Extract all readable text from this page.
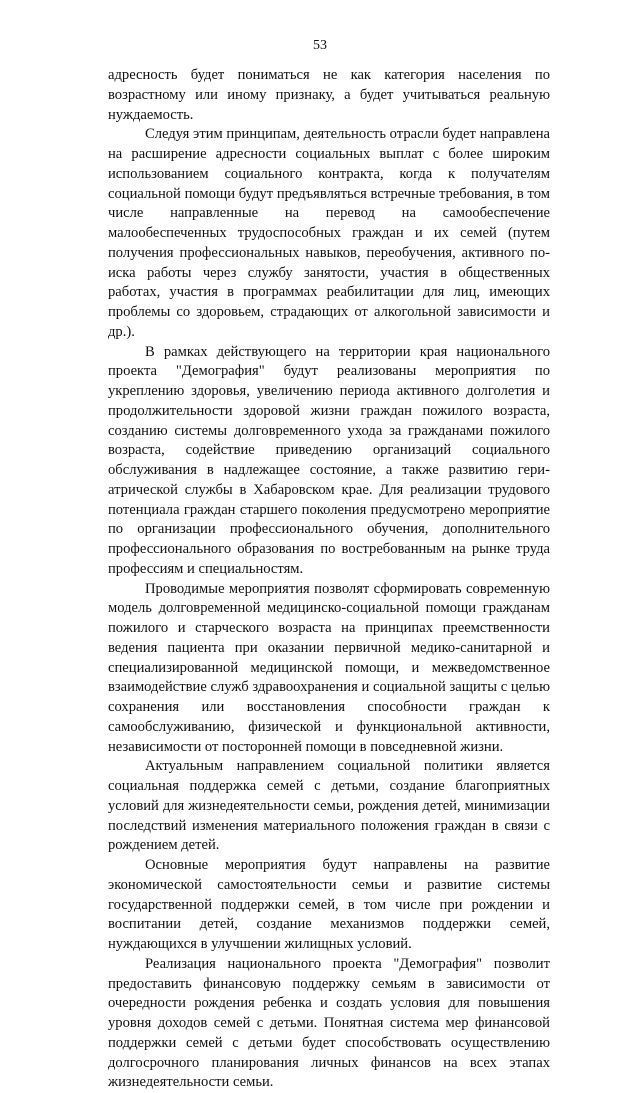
53

адресность будет пониматься не как категория населения по возрастному или иному признаку, а будет учитываться реальную нуждаемость.

Следуя этим принципам, деятельность отрасли будет направлена на расширение адресности социальных выплат с более широким использованием социального контракта, когда к получателям социальной помощи будут предъявляться встречные требования, в том числе направленные на перевод на самообеспечение малообеспеченных трудоспособных граждан и их семей (путем получения профессиональных навыков, переобучения, активного поиска работы через службу занятости, участия в общественных работах, участия в программах реабилитации для лиц, имеющих проблемы со здоровьем, страдающих от алкогольной зависимости и др.).

В рамках действующего на территории края национального проекта "Демография" будут реализованы мероприятия по укреплению здоровья, увеличению периода активного долголетия и продолжительности здоровой жизни граждан пожилого возраста, созданию системы долговременного ухода за гражданами пожилого возраста, содействие приведению организаций социального обслуживания в надлежащее состояние, а также развитию гериатрической службы в Хабаровском крае. Для реализации трудового потенциала граждан старшего поколения предусмотрено мероприятие по организации профессионального обучения, дополнительного профессионального образования по востребованным на рынке труда профессиям и специальностям.

Проводимые мероприятия позволят сформировать современную модель долговременной медицинско-социальной помощи гражданам пожилого и старческого возраста на принципах преемственности ведения пациента при оказании первичной медико-санитарной и специализированной медицинской помощи, и межведомственное взаимодействие служб здравоохранения и социальной защиты с целью сохранения или восстановления способности граждан к самообслуживанию, физической и функциональной активности, независимости от посторонней помощи в повседневной жизни.

Актуальным направлением социальной политики является социальная поддержка семей с детьми, создание благоприятных условий для жизнедеятельности семьи, рождения детей, минимизации последствий изменения материального положения граждан в связи с рождением детей.

Основные мероприятия будут направлены на развитие экономической самостоятельности семьи и развитие системы государственной поддержки семей, в том числе при рождении и воспитании детей, создание механизмов поддержки семей, нуждающихся в улучшении жилищных условий.

Реализация национального проекта "Демография" позволит предоставить финансовую поддержку семьям в зависимости от очередности рождения ребенка и создать условия для повышения уровня доходов семей с детьми. Понятная система мер финансовой поддержки семей с детьми будет способствовать осуществлению долгосрочного планирования личных финансов на всех этапах жизнедеятельности семьи.
